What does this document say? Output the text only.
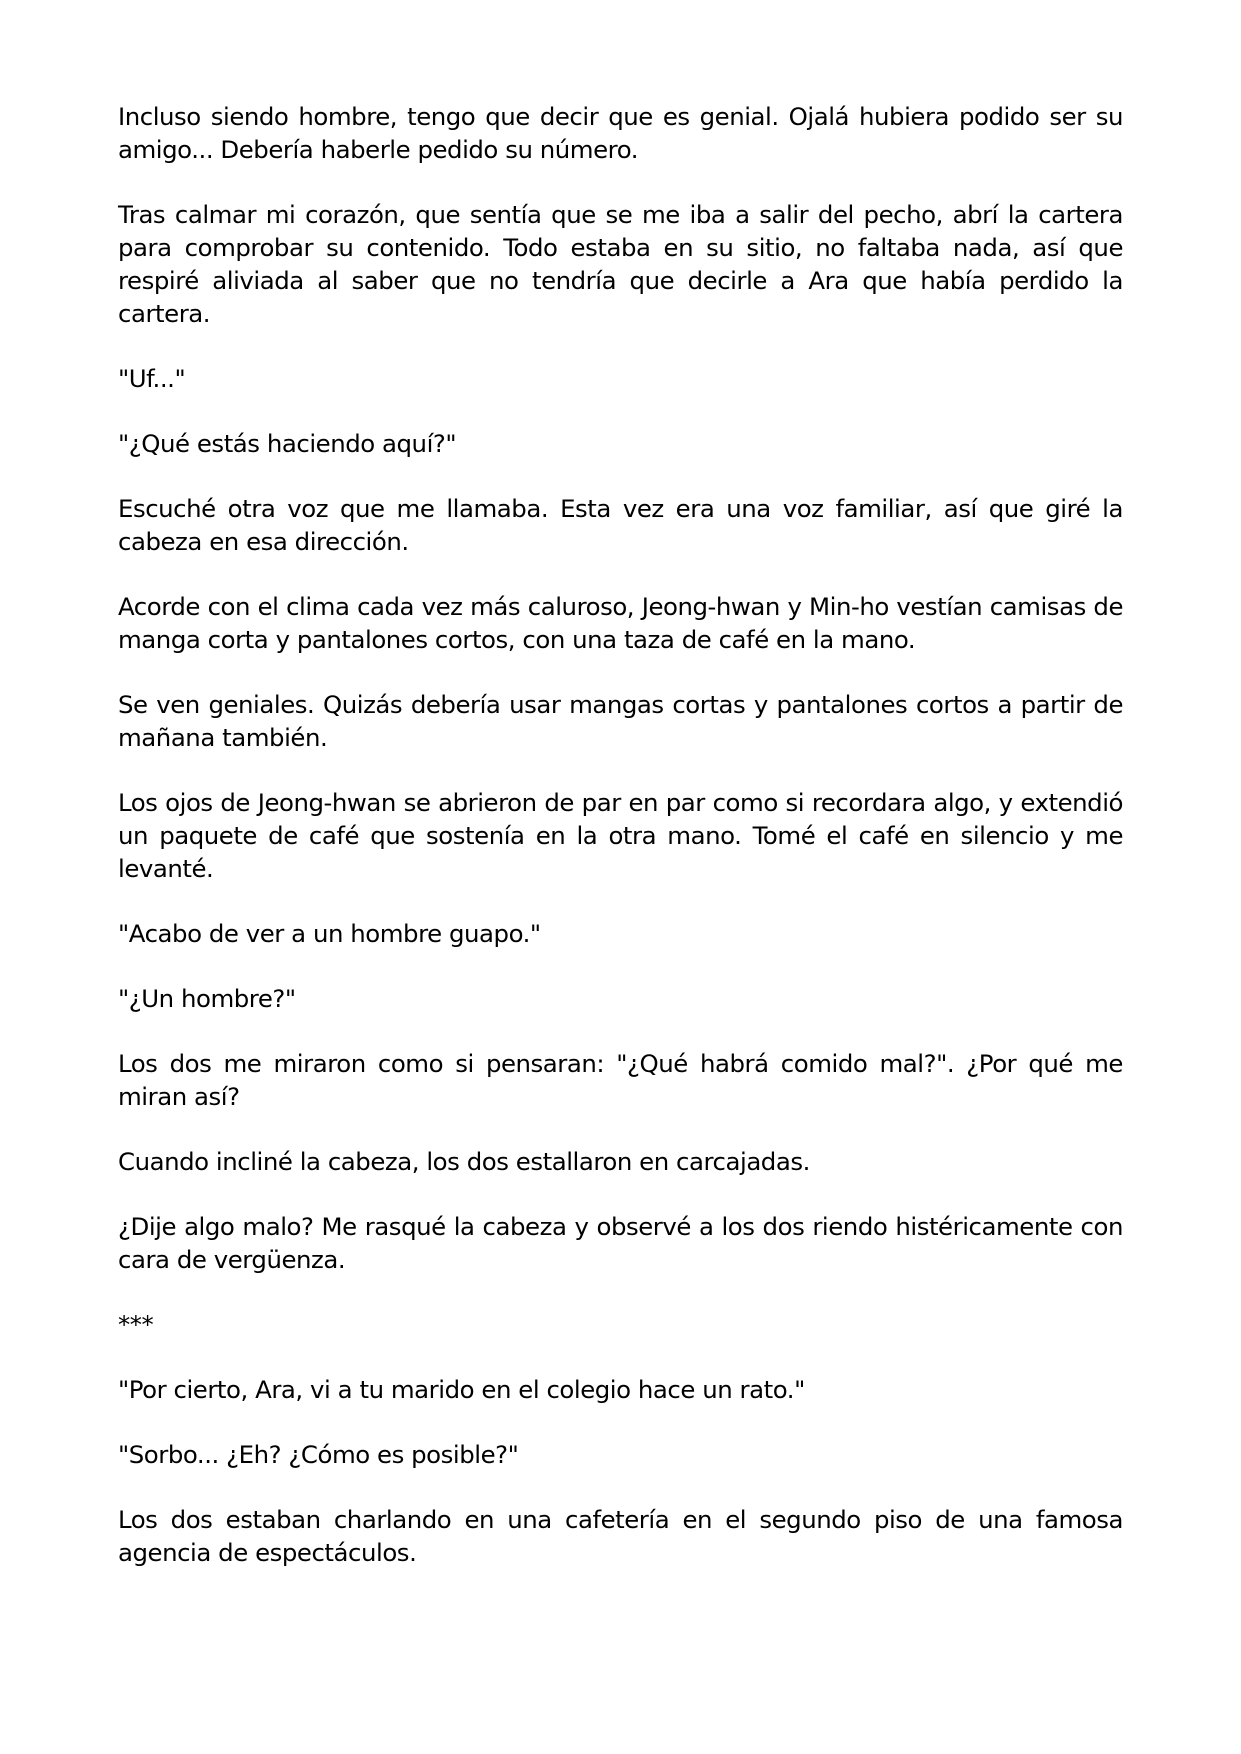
Incluso siendo hombre, tengo que decir que es genial. Ojalá hubiera podido ser su amigo... Debería haberle pedido su número.

Tras calmar mi corazón, que sentía que se me iba a salir del pecho, abrí la cartera para comprobar su contenido. Todo estaba en su sitio, no faltaba nada, así que respiré aliviada al saber que no tendría que decirle a Ara que había perdido la cartera.

"Uf..."

"¿Qué estás haciendo aquí?"

Escuché otra voz que me llamaba. Esta vez era una voz familiar, así que giré la cabeza en esa dirección.

Acorde con el clima cada vez más caluroso, Jeong-hwan y Min-ho vestían camisas de manga corta y pantalones cortos, con una taza de café en la mano.

Se ven geniales. Quizás debería usar mangas cortas y pantalones cortos a partir de mañana también.

Los ojos de Jeong-hwan se abrieron de par en par como si recordara algo, y extendió un paquete de café que sostenía en la otra mano. Tomé el café en silencio y me levanté.

"Acabo de ver a un hombre guapo."

"¿Un hombre?"

Los dos me miraron como si pensaran: "¿Qué habrá comido mal?". ¿Por qué me miran así?

Cuando incliné la cabeza, los dos estallaron en carcajadas.

¿Dije algo malo? Me rasqué la cabeza y observé a los dos riendo histéricamente con cara de vergüenza.

***

"Por cierto, Ara, vi a tu marido en el colegio hace un rato."

"Sorbo... ¿Eh? ¿Cómo es posible?"

Los dos estaban charlando en una cafetería en el segundo piso de una famosa agencia de espectáculos.
